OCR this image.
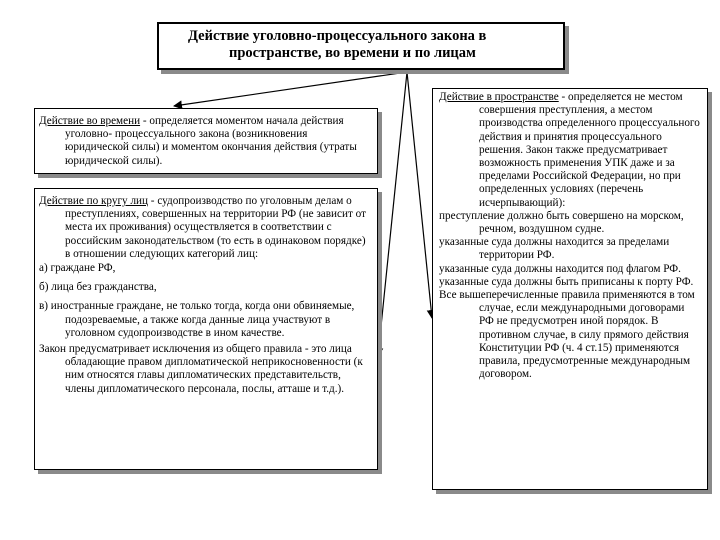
Действие уголовно-процессуального закона в
пространстве, во времени и по лицам

Действие во времени - определяется моментом начала действия уголовно- процессуального закона (возникновения юридической силы) и моментом окончания действия (утраты юридической силы).

Действие по кругу лиц - судопроизводство по уголовным делам о преступлениях, совершенных на территории РФ (не зависит от места их проживания) осуществляется в соответствии с российским законодательством (то есть в одинаковом порядке) в отношении следующих категорий лиц:

а) граждане РФ,

б) лица без гражданства,

в) иностранные граждане, не только тогда, когда они обвиняемые, подозреваемые, а также когда данные лица участвуют в уголовном судопроизводстве в ином качестве.

Закон предусматривает исключения из общего правила - это лица обладающие правом дипломатической неприкосновенности (к ним относятся главы дипломатических представительств, члены дипломатического персонала, послы, атташе и т.д.).

Действие в пространстве - определяется не местом совершения преступления, а местом производства определенного процессуального действия и принятия процессуального решения. Закон также предусматривает возможность применения УПК даже и за пределами Российской Федерации, но при определенных условиях (перечень исчерпывающий):

преступление должно быть совершено на морском, речном, воздушном судне.

указанные суда должны находится за пределами территории РФ.

указанные суда должны находится под флагом РФ.

указанные суда должны быть приписаны к порту РФ.

Все вышеперечисленные правила применяются в том случае, если международными договорами РФ не предусмотрен иной порядок. В противном случае, в силу прямого действия Конституции РФ (ч. 4 ст.15) применяются правила, предусмотренные международным договором.
